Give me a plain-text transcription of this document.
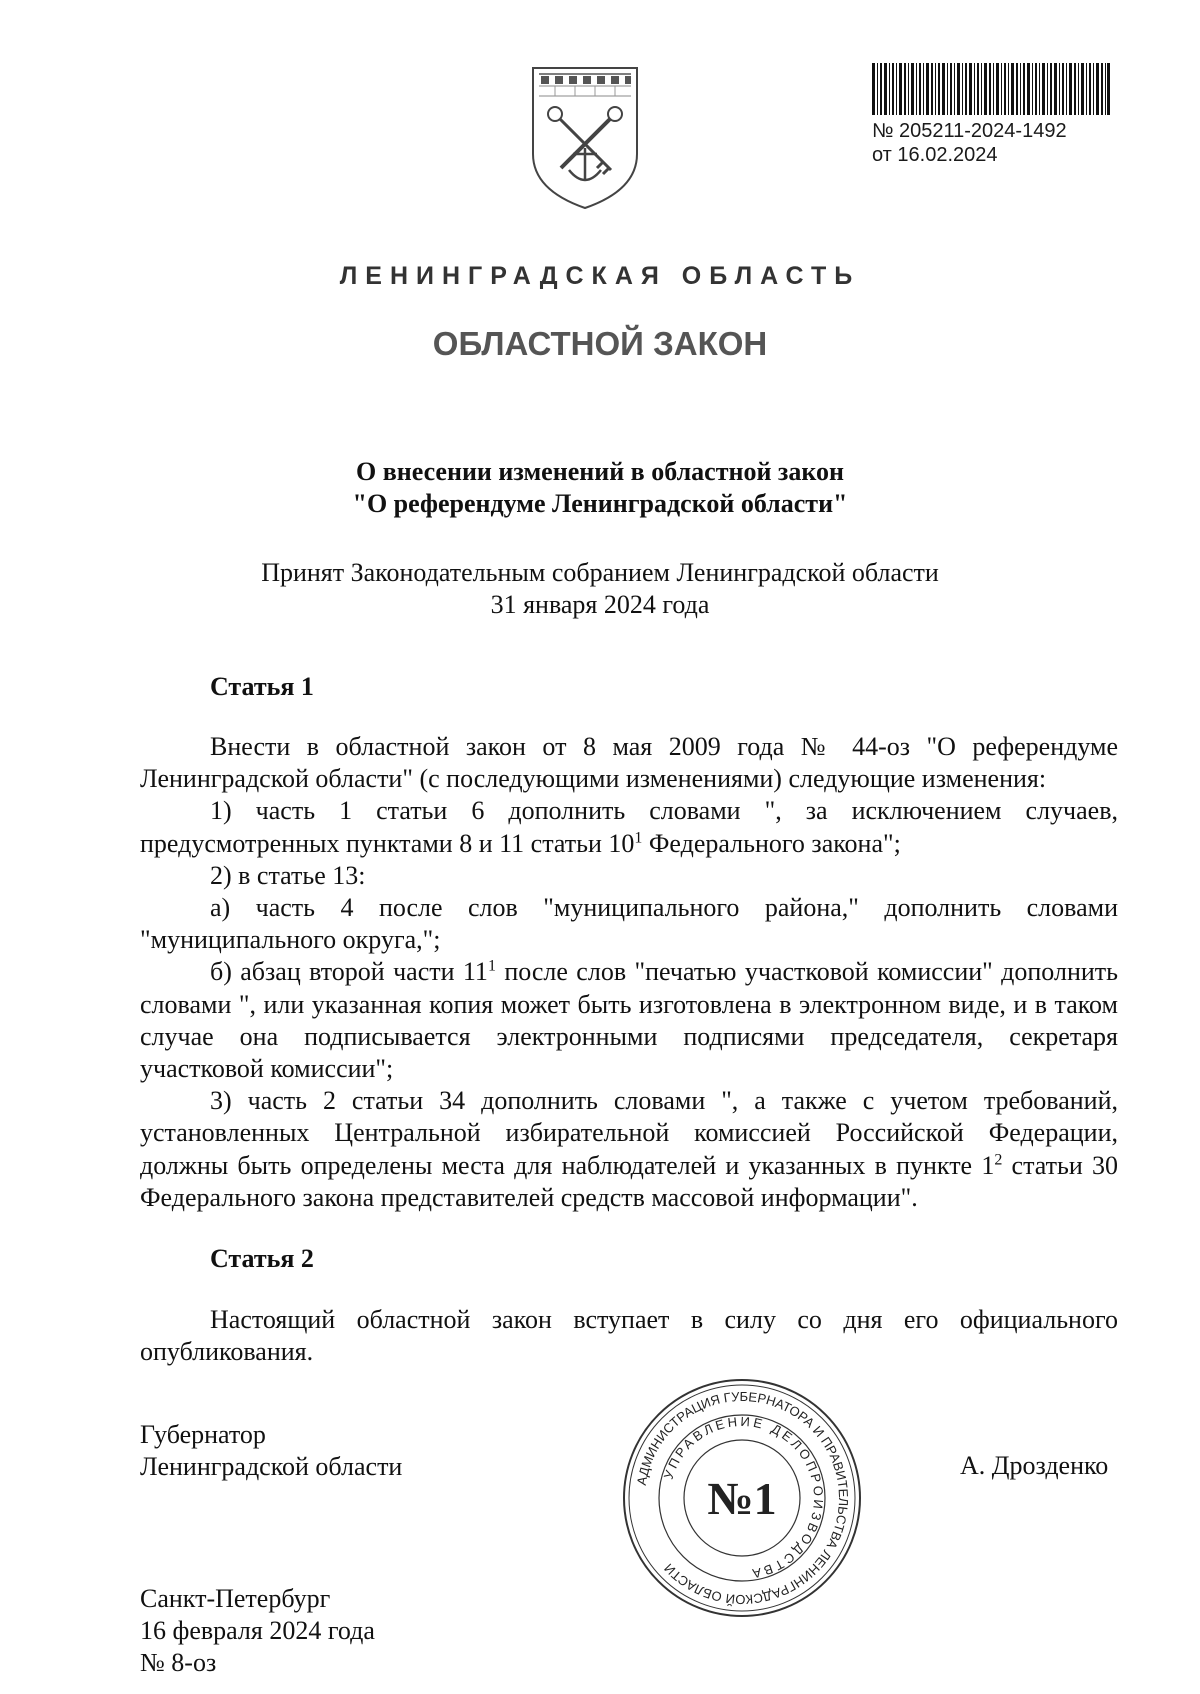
№ 205211-2024-1492
от 16.02.2024
ЛЕНИНГРАДСКАЯ ОБЛАСТЬ
ОБЛАСТНОЙ ЗАКОН
О внесении изменений в областной закон
"О референдуме Ленинградской области"
Принят Законодательным собранием Ленинградской области
31 января 2024 года
Статья 1

Внести в областной закон от 8 мая 2009 года № 44-оз "О референдуме Ленинградской области" (с последующими изменениями) следующие изменения:

1) часть 1 статьи 6 дополнить словами ", за исключением случаев, предусмотренных пунктами 8 и 11 статьи $10^1$ Федерального закона";

2) в статье 13:

а) часть 4 после слов "муниципального района," дополнить словами "муниципального округа,";

б) абзац второй части $11^1$ после слов "печатью участковой комиссии" дополнить словами ", или указанная копия может быть изготовлена в электронном виде, и в таком случае она подписывается электронными подписями председателя, секретаря участковой комиссии";

3) часть 2 статьи 34 дополнить словами ", а также с учетом требований, установленных Центральной избирательной комиссией Российской Федерации, должны быть определены места для наблюдателей и указанных в пункте $1^2$ статьи 30 Федерального закона представителей средств массовой информации".

Статья 2

Настоящий областной закон вступает в силу со дня его официального опубликования.

Губернатор
Ленинградской области	А. Дрозденко
АДМИНИСТРАЦИЯ ГУБЕРНАТОРА И ПРАВИТЕЛЬСТВА ЛЕНИНГРАДСКОЙ ОБЛАСТИ
УПРАВЛЕНИЕ ДЕЛОПРОИЗВОДСТВА
№1
Санкт-Петербург
16 февраля 2024 года
№ 8-оз
